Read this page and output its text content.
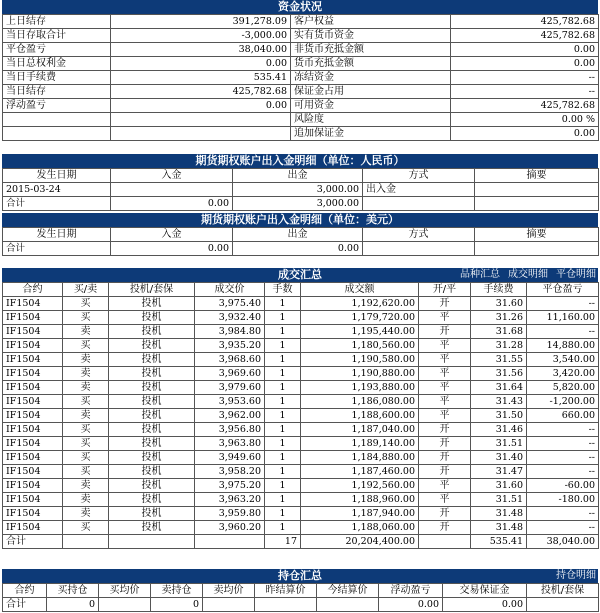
资金状况
上日结存	391,278.09	客户权益	425,782.68
当日存取合计	-3,000.00	实有货币资金	425,782.68
平仓盈亏	38,040.00	非货币充抵金额	0.00
当日总权利金	0.00	货币充抵金额	0.00
当日手续费	535.41	冻结资金	--
当日结存	425,782.68	保证金占用	--
浮动盈亏	0.00	可用资金	425,782.68
		风险度	0.00 %
		追加保证金	0.00
期货期权账户出入金明细（单位：人民币）
发生日期	入金	出金	方式	摘要
2015-03-24		3,000.00	出入金	
合计	0.00	3,000.00		
期货期权账户出入金明细（单位：美元）
发生日期	入金	出金	方式	摘要
合计	0.00	0.00		
成交汇总	品种汇总 成交明细 平仓明细
合约	买/卖	投机/套保	成交价	手数	成交额	开/平	手续费	平仓盈亏
IF1504	买	投机	3,975.40	1	1,192,620.00	开	31.60	--
IF1504	买	投机	3,932.40	1	1,179,720.00	平	31.26	11,160.00
IF1504	卖	投机	3,984.80	1	1,195,440.00	开	31.68	--
IF1504	买	投机	3,935.20	1	1,180,560.00	平	31.28	14,880.00
IF1504	卖	投机	3,968.60	1	1,190,580.00	平	31.55	3,540.00
IF1504	卖	投机	3,969.60	1	1,190,880.00	平	31.56	3,420.00
IF1504	卖	投机	3,979.60	1	1,193,880.00	平	31.64	5,820.00
IF1504	买	投机	3,953.60	1	1,186,080.00	平	31.43	-1,200.00
IF1504	卖	投机	3,962.00	1	1,188,600.00	平	31.50	660.00
IF1504	买	投机	3,956.80	1	1,187,040.00	开	31.46	--
IF1504	买	投机	3,963.80	1	1,189,140.00	开	31.51	--
IF1504	买	投机	3,949.60	1	1,184,880.00	开	31.40	--
IF1504	买	投机	3,958.20	1	1,187,460.00	开	31.47	--
IF1504	卖	投机	3,975.20	1	1,192,560.00	平	31.60	-60.00
IF1504	卖	投机	3,963.20	1	1,188,960.00	平	31.51	-180.00
IF1504	卖	投机	3,959.80	1	1,187,940.00	开	31.48	--
IF1504	买	投机	3,960.20	1	1,188,060.00	开	31.48	--
合计				17	20,204,400.00		535.41	38,040.00
持仓汇总	持仓明细
合约	买持仓	买均价	卖持仓	卖均价	昨结算价	今结算价	浮动盈亏	交易保证金	投机/套保
合计	0		0				0.00	0.00	
